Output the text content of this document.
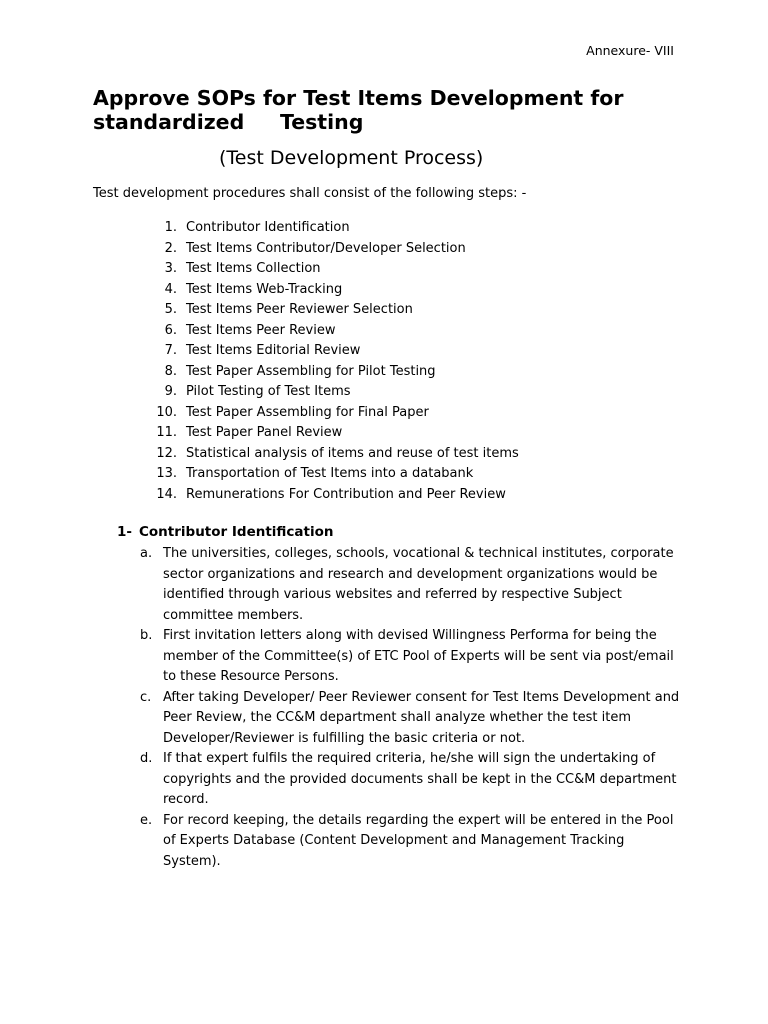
Annexure- VIII
Approve SOPs for Test Items Development for standardized     Testing
(Test Development Process)

Test development procedures shall consist of the following steps: -

1. Contributor Identification
2. Test Items Contributor/Developer Selection
3. Test Items Collection
4. Test Items Web-Tracking
5. Test Items Peer Reviewer Selection
6. Test Items Peer Review
7. Test Items Editorial Review
8. Test Paper Assembling for Pilot Testing
9. Pilot Testing of Test Items
10. Test Paper Assembling for Final Paper
11. Test Paper Panel Review
12. Statistical analysis of items and reuse of test items
13. Transportation of Test Items into a databank
14. Remunerations For Contribution and Peer Review
1- Contributor Identification
a. The universities, colleges, schools, vocational & technical institutes, corporate sector organizations and research and development organizations would be identified through various websites and referred by respective Subject committee members.
b. First invitation letters along with devised Willingness Performa for being the member of the Committee(s) of ETC Pool of Experts will be sent via post/email to these Resource Persons.
c. After taking Developer/ Peer Reviewer consent for Test Items Development and Peer Review, the CC&M department shall analyze whether the test item Developer/Reviewer is fulfilling the basic criteria or not.
d. If that expert fulfils the required criteria, he/she will sign the undertaking of copyrights and the provided documents shall be kept in the CC&M department record.
e. For record keeping, the details regarding the expert will be entered in the Pool of Experts Database (Content Development and Management Tracking System).
